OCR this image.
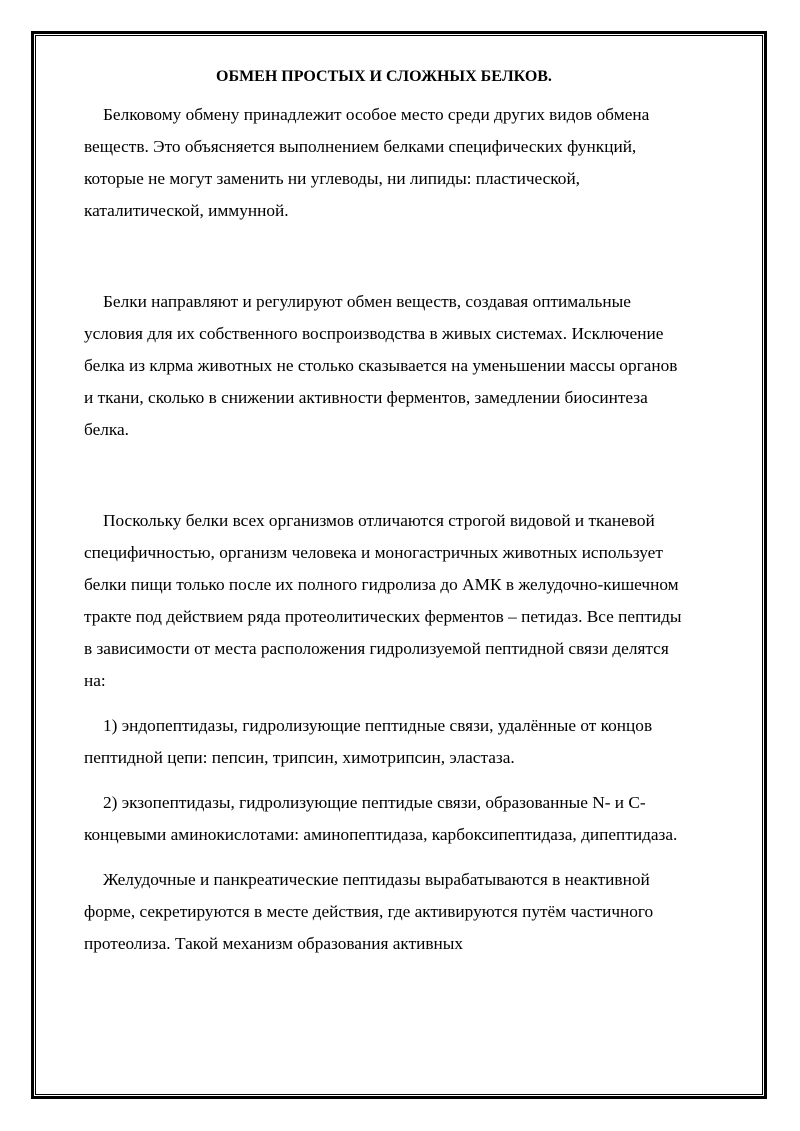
ОБМЕН ПРОСТЫХ И СЛОЖНЫХ БЕЛКОВ.

Белковому обмену принадлежит особое место среди других видов обмена веществ. Это объясняется выполнением белками специфических функций, которые не могут заменить ни углеводы, ни липиды: пластической, каталитической, иммунной.

Белки направляют и регулируют обмен веществ, создавая оптимальные условия для их собственного воспроизводства в живых системах. Исключение белка из клрма животных не столько сказывается на уменьшении массы органов и ткани, сколько в снижении активности ферментов, замедлении биосинтеза белка.

Поскольку белки всех организмов отличаются строгой видовой и тканевой специфичностью, организм человека и моногастричных животных использует белки пищи только после их полного гидролиза до АМК в желудочно-кишечном тракте под действием ряда протеолитических ферментов – петидаз. Все пептиды в зависимости от места расположения гидролизуемой пептидной связи делятся на:

1) эндопептидазы, гидролизующие пептидные связи, удалённые от концов пептидной цепи: пепсин, трипсин, химотрипсин, эластаза.

2) экзопептидазы, гидролизующие пептидые связи, образованные N- и С-концевыми аминокислотами: аминопептидаза, карбоксипептидаза, дипептидаза.

Желудочные и панкреатические пептидазы вырабатываются в неактивной форме, секретируются в месте действия, где активируются путём частичного протеолиза. Такой механизм образования активных
